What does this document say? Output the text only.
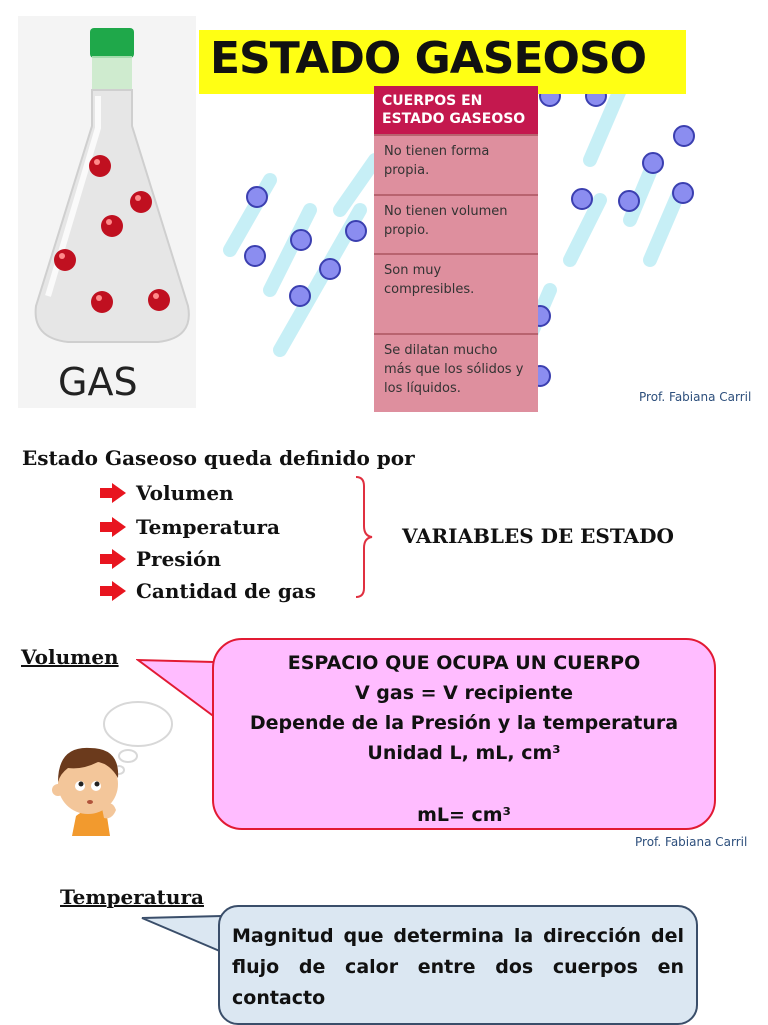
GAS
ESTADO GASEOSO
CUERPOS EN ESTADO GASEOSO
No tienen forma propia.
No tienen volumen propio.
Son muy compresibles.
Se dilatan mucho más que los sólidos y los líquidos.
Prof. Fabiana Carril
Estado Gaseoso queda definido por
Volumen
Temperatura
Presión
Cantidad de gas
VARIABLES DE ESTADO
Volumen	ESPACIO QUE OCUPA UN CUERPO
V gas = V recipiente
Depende de la Presión y la temperatura
Unidad L, mL, cm³
mL= cm³
Prof. Fabiana Carril
Temperatura
Magnitud que determina la dirección del flujo de calor entre dos cuerpos en contacto
